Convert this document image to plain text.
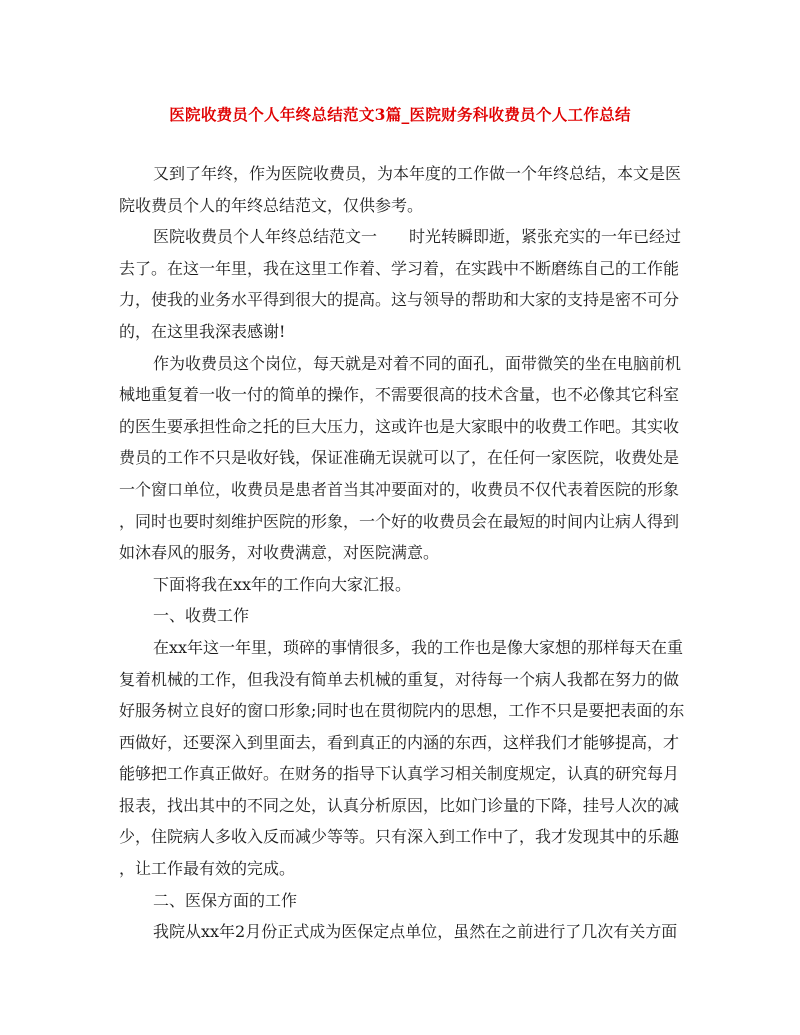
医院收费员个人年终总结范文3篇_医院财务科收费员个人工作总结
又到了年终，作为医院收费员，为本年度的工作做一个年终总结，本文是医
院收费员个人的年终总结范文，仅供参考。
医院收费员个人年终总结范文一　　时光转瞬即逝，紧张充实的一年已经过
去了。在这一年里，我在这里工作着、学习着，在实践中不断磨练自己的工作能
力，使我的业务水平得到很大的提高。这与领导的帮助和大家的支持是密不可分
的，在这里我深表感谢!
作为收费员这个岗位，每天就是对着不同的面孔，面带微笑的坐在电脑前机
械地重复着一收一付的简单的操作，不需要很高的技术含量，也不必像其它科室
的医生要承担性命之托的巨大压力，这或许也是大家眼中的收费工作吧。其实收
费员的工作不只是收好钱，保证准确无误就可以了，在任何一家医院，收费处是
一个窗口单位，收费员是患者首当其冲要面对的，收费员不仅代表着医院的形象
，同时也要时刻维护医院的形象，一个好的收费员会在最短的时间内让病人得到
如沐春风的服务，对收费满意，对医院满意。
下面将我在xx年的工作向大家汇报。
一、收费工作
在xx年这一年里，琐碎的事情很多，我的工作也是像大家想的那样每天在重
复着机械的工作，但我没有简单去机械的重复，对待每一个病人我都在努力的做
好服务树立良好的窗口形象;同时也在贯彻院内的思想，工作不只是要把表面的东
西做好，还要深入到里面去，看到真正的内涵的东西，这样我们才能够提高，才
能够把工作真正做好。在财务的指导下认真学习相关制度规定，认真的研究每月
报表，找出其中的不同之处，认真分析原因，比如门诊量的下降，挂号人次的减
少，住院病人多收入反而减少等等。只有深入到工作中了，我才发现其中的乐趣
，让工作最有效的完成。
二、医保方面的工作
我院从xx年2月份正式成为医保定点单位，虽然在之前进行了几次有关方面
